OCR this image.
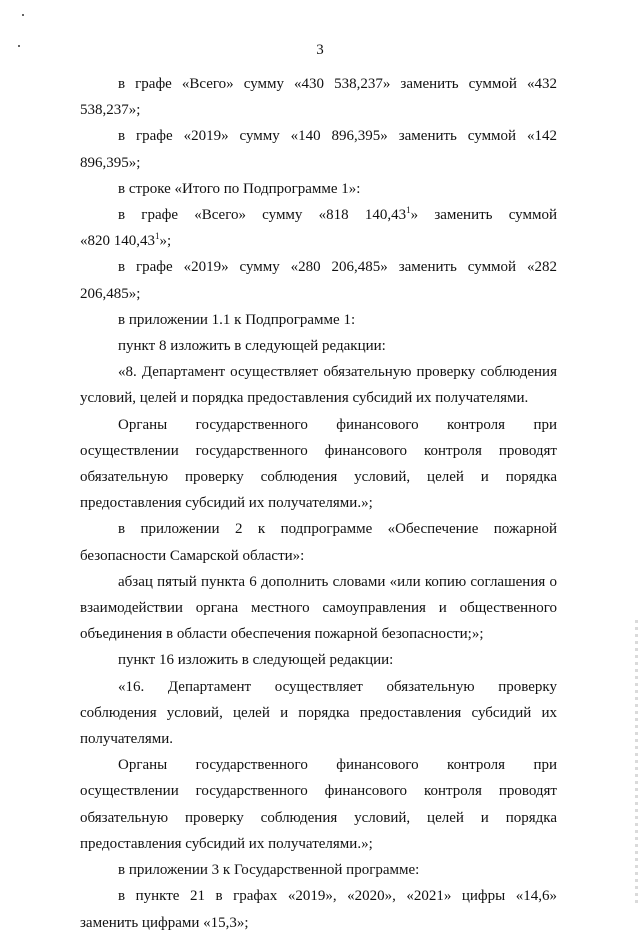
3

в графе «Всего» сумму «430 538,237» заменить суммой «432 538,237»;

в графе «2019» сумму «140 896,395» заменить суммой «142 896,395»;

в строке «Итого по Подпрограмме 1»:

в графе «Всего» сумму «818 140,43$^1$» заменить суммой
«820 140,43$^1$»;

в графе «2019» сумму «280 206,485» заменить суммой «282 206,485»;

в приложении 1.1 к Подпрограмме 1:

пункт 8 изложить в следующей редакции:

«8. Департамент осуществляет обязательную проверку соблюдения условий, целей и порядка предоставления субсидий их получателями.

Органы государственного финансового контроля при осуществлении государственного финансового контроля проводят обязательную проверку соблюдения условий, целей и порядка предоставления субсидий их получателями.»;

в приложении 2 к подпрограмме «Обеспечение пожарной безопасности Самарской области»:

абзац пятый пункта 6 дополнить словами «или копию соглашения о взаимодействии органа местного самоуправления и общественного объединения в области обеспечения пожарной безопасности;»;

пункт 16 изложить в следующей редакции:

«16. Департамент осуществляет обязательную проверку соблюдения условий, целей и порядка предоставления субсидий их получателями.

Органы государственного финансового контроля при осуществлении государственного финансового контроля проводят обязательную проверку соблюдения условий, целей и порядка предоставления субсидий их получателями.»;

в приложении 3 к Государственной программе:

в пункте 21 в графах «2019», «2020», «2021» цифры «14,6» заменить цифрами «15,3»;
